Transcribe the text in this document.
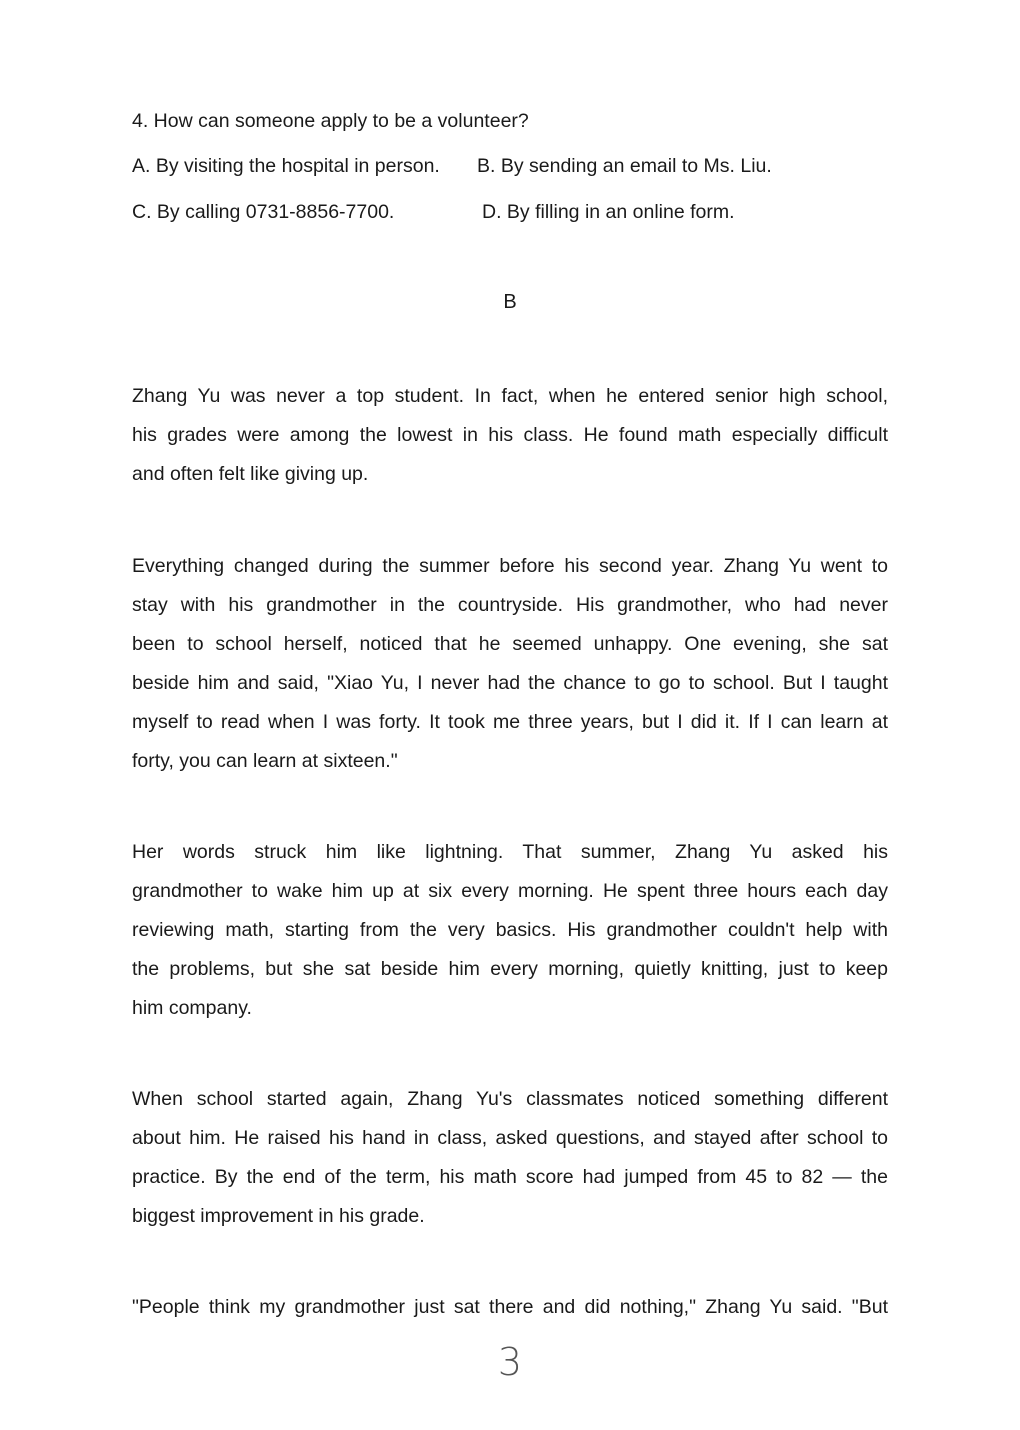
4. How can someone apply to be a volunteer?
A. By visiting the hospital in person. B. By sending an email to Ms. Liu.
C. By calling 0731-8856-7700.	D. By filling in an online form.
B
Zhang Yu was never a top student. In fact, when he entered senior high school,
his grades were among the lowest in his class. He found math especially difficult
and often felt like giving up.
Everything changed during the summer before his second year. Zhang Yu went to
stay with his grandmother in the countryside. His grandmother, who had never
been to school herself, noticed that he seemed unhappy. One evening, she sat
beside him and said, "Xiao Yu, I never had the chance to go to school. But I taught
myself to read when I was forty. It took me three years, but I did it. If I can learn at
forty, you can learn at sixteen."
Her words struck him like lightning. That summer, Zhang Yu asked his
grandmother to wake him up at six every morning. He spent three hours each day
reviewing math, starting from the very basics. His grandmother couldn't help with
the problems, but she sat beside him every morning, quietly knitting, just to keep
him company.
When school started again, Zhang Yu's classmates noticed something different
about him. He raised his hand in class, asked questions, and stayed after school to
practice. By the end of the term, his math score had jumped from 45 to 82 — the
biggest improvement in his grade.
"People think my grandmother just sat there and did nothing," Zhang Yu said. "But
3
